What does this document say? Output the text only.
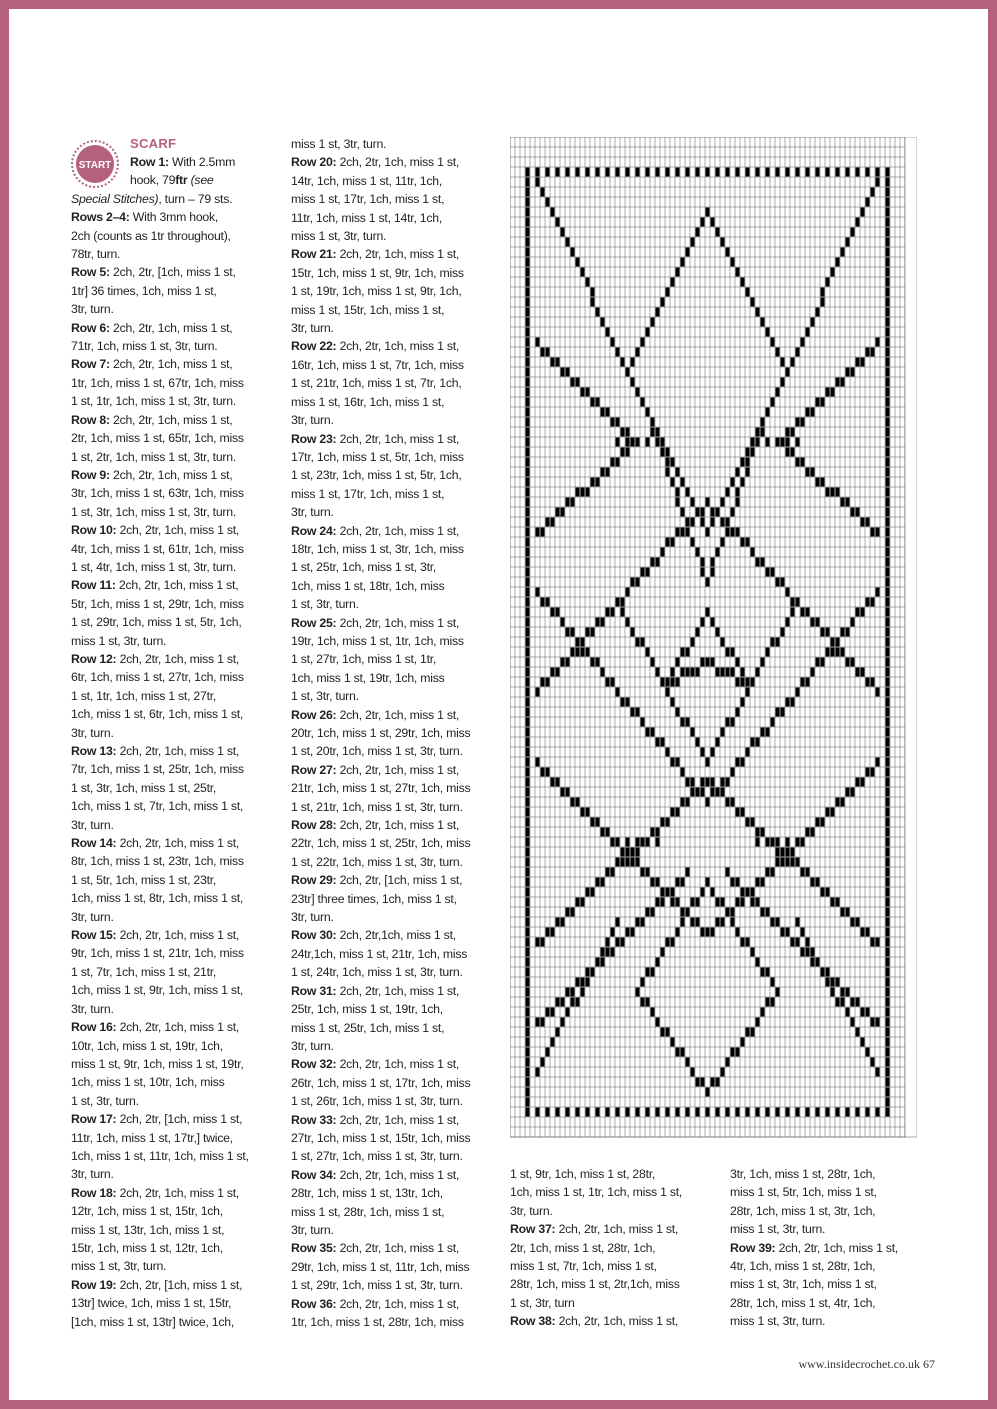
START
SCARF

Row 1: With 2.5mm

hook, 79ftr (see

Special Stitches), turn – 79 sts.

Rows 2–4: With 3mm hook,

2ch (counts as 1tr throughout),

78tr, turn.

Row 5: 2ch, 2tr, [1ch, miss 1 st,

1tr] 36 times, 1ch, miss 1 st,

3tr, turn.

Row 6: 2ch, 2tr, 1ch, miss 1 st,

71tr, 1ch, miss 1 st, 3tr, turn.

Row 7: 2ch, 2tr, 1ch, miss 1 st,

1tr, 1ch, miss 1 st, 67tr, 1ch, miss

1 st, 1tr, 1ch, miss 1 st, 3tr, turn.

Row 8: 2ch, 2tr, 1ch, miss 1 st,

2tr, 1ch, miss 1 st, 65tr, 1ch, miss

1 st, 2tr, 1ch, miss 1 st, 3tr, turn.

Row 9: 2ch, 2tr, 1ch, miss 1 st,

3tr, 1ch, miss 1 st, 63tr, 1ch, miss

1 st, 3tr, 1ch, miss 1 st, 3tr, turn.

Row 10: 2ch, 2tr, 1ch, miss 1 st,

4tr, 1ch, miss 1 st, 61tr, 1ch, miss

1 st, 4tr, 1ch, miss 1 st, 3tr, turn.

Row 11: 2ch, 2tr, 1ch, miss 1 st,

5tr, 1ch, miss 1 st, 29tr, 1ch, miss

1 st, 29tr, 1ch, miss 1 st, 5tr, 1ch,

miss 1 st, 3tr, turn.

Row 12: 2ch, 2tr, 1ch, miss 1 st,

6tr, 1ch, miss 1 st, 27tr, 1ch, miss

1 st, 1tr, 1ch, miss 1 st, 27tr,

1ch, miss 1 st, 6tr, 1ch, miss 1 st,

3tr, turn.

Row 13: 2ch, 2tr, 1ch, miss 1 st,

7tr, 1ch, miss 1 st, 25tr, 1ch, miss

1 st, 3tr, 1ch, miss 1 st, 25tr,

1ch, miss 1 st, 7tr, 1ch, miss 1 st,

3tr, turn.

Row 14: 2ch, 2tr, 1ch, miss 1 st,

8tr, 1ch, miss 1 st, 23tr, 1ch, miss

1 st, 5tr, 1ch, miss 1 st, 23tr,

1ch, miss 1 st, 8tr, 1ch, miss 1 st,

3tr, turn.

Row 15: 2ch, 2tr, 1ch, miss 1 st,

9tr, 1ch, miss 1 st, 21tr, 1ch, miss

1 st, 7tr, 1ch, miss 1 st, 21tr,

1ch, miss 1 st, 9tr, 1ch, miss 1 st,

3tr, turn.

Row 16: 2ch, 2tr, 1ch, miss 1 st,

10tr, 1ch, miss 1 st, 19tr, 1ch,

miss 1 st, 9tr, 1ch, miss 1 st, 19tr,

1ch, miss 1 st, 10tr, 1ch, miss

1 st, 3tr, turn.

Row 17: 2ch, 2tr, [1ch, miss 1 st,

11tr, 1ch, miss 1 st, 17tr,] twice,

1ch, miss 1 st, 11tr, 1ch, miss 1 st,

3tr, turn.

Row 18: 2ch, 2tr, 1ch, miss 1 st,

12tr, 1ch, miss 1 st, 15tr, 1ch,

miss 1 st, 13tr, 1ch, miss 1 st,

15tr, 1ch, miss 1 st, 12tr, 1ch,

miss 1 st, 3tr, turn.

Row 19: 2ch, 2tr, [1ch, miss 1 st,

13tr] twice, 1ch, miss 1 st, 15tr,

[1ch, miss 1 st, 13tr] twice, 1ch,

miss 1 st, 3tr, turn.

Row 20: 2ch, 2tr, 1ch, miss 1 st,

14tr, 1ch, miss 1 st, 11tr, 1ch,

miss 1 st, 17tr, 1ch, miss 1 st,

11tr, 1ch, miss 1 st, 14tr, 1ch,

miss 1 st, 3tr, turn.

Row 21: 2ch, 2tr, 1ch, miss 1 st,

15tr, 1ch, miss 1 st, 9tr, 1ch, miss

1 st, 19tr, 1ch, miss 1 st, 9tr, 1ch,

miss 1 st, 15tr, 1ch, miss 1 st,

3tr, turn.

Row 22: 2ch, 2tr, 1ch, miss 1 st,

16tr, 1ch, miss 1 st, 7tr, 1ch, miss

1 st, 21tr, 1ch, miss 1 st, 7tr, 1ch,

miss 1 st, 16tr, 1ch, miss 1 st,

3tr, turn.

Row 23: 2ch, 2tr, 1ch, miss 1 st,

17tr, 1ch, miss 1 st, 5tr, 1ch, miss

1 st, 23tr, 1ch, miss 1 st, 5tr, 1ch,

miss 1 st, 17tr, 1ch, miss 1 st,

3tr, turn.

Row 24: 2ch, 2tr, 1ch, miss 1 st,

18tr, 1ch, miss 1 st, 3tr, 1ch, miss

1 st, 25tr, 1ch, miss 1 st, 3tr,

1ch, miss 1 st, 18tr, 1ch, miss

1 st, 3tr, turn.

Row 25: 2ch, 2tr, 1ch, miss 1 st,

19tr, 1ch, miss 1 st, 1tr, 1ch, miss

1 st, 27tr, 1ch, miss 1 st, 1tr,

1ch, miss 1 st, 19tr, 1ch, miss

1 st, 3tr, turn.

Row 26: 2ch, 2tr, 1ch, miss 1 st,

20tr, 1ch, miss 1 st, 29tr, 1ch, miss

1 st, 20tr, 1ch, miss 1 st, 3tr, turn.

Row 27: 2ch, 2tr, 1ch, miss 1 st,

21tr, 1ch, miss 1 st, 27tr, 1ch, miss

1 st, 21tr, 1ch, miss 1 st, 3tr, turn.

Row 28: 2ch, 2tr, 1ch, miss 1 st,

22tr, 1ch, miss 1 st, 25tr, 1ch, miss

1 st, 22tr, 1ch, miss 1 st, 3tr, turn.

Row 29: 2ch, 2tr, [1ch, miss 1 st,

23tr] three times, 1ch, miss 1 st,

3tr, turn.

Row 30: 2ch, 2tr,1ch, miss 1 st,

24tr,1ch, miss 1 st, 21tr, 1ch, miss

1 st, 24tr, 1ch, miss 1 st, 3tr, turn.

Row 31: 2ch, 2tr, 1ch, miss 1 st,

25tr, 1ch, miss 1 st, 19tr, 1ch,

miss 1 st, 25tr, 1ch, miss 1 st,

3tr, turn.

Row 32: 2ch, 2tr, 1ch, miss 1 st,

26tr, 1ch, miss 1 st, 17tr, 1ch, miss

1 st, 26tr, 1ch, miss 1 st, 3tr, turn.

Row 33: 2ch, 2tr, 1ch, miss 1 st,

27tr, 1ch, miss 1 st, 15tr, 1ch, miss

1 st, 27tr, 1ch, miss 1 st, 3tr, turn.

Row 34: 2ch, 2tr, 1ch, miss 1 st,

28tr, 1ch, miss 1 st, 13tr, 1ch,

miss 1 st, 28tr, 1ch, miss 1 st,

3tr, turn.

Row 35: 2ch, 2tr, 1ch, miss 1 st,

29tr, 1ch, miss 1 st, 11tr, 1ch, miss

1 st, 29tr, 1ch, miss 1 st, 3tr, turn.

Row 36: 2ch, 2tr, 1ch, miss 1 st,

1tr, 1ch, miss 1 st, 28tr, 1ch, miss

1 st, 9tr, 1ch, miss 1 st, 28tr,

1ch, miss 1 st, 1tr, 1ch, miss 1 st,

3tr, turn.

Row 37: 2ch, 2tr, 1ch, miss 1 st,

2tr, 1ch, miss 1 st, 28tr, 1ch,

miss 1 st, 7tr, 1ch, miss 1 st,

28tr, 1ch, miss 1 st, 2tr,1ch, miss

1 st, 3tr, turn

Row 38: 2ch, 2tr, 1ch, miss 1 st,

3tr, 1ch, miss 1 st, 28tr, 1ch,

miss 1 st, 5tr, 1ch, miss 1 st,

28tr, 1ch, miss 1 st, 3tr, 1ch,

miss 1 st, 3tr, turn.

Row 39: 2ch, 2tr, 1ch, miss 1 st,

4tr, 1ch, miss 1 st, 28tr, 1ch,

miss 1 st, 3tr, 1ch, miss 1 st,

28tr, 1ch, miss 1 st, 4tr, 1ch,

miss 1 st, 3tr, turn.

www.insidecrochet.co.uk 67
